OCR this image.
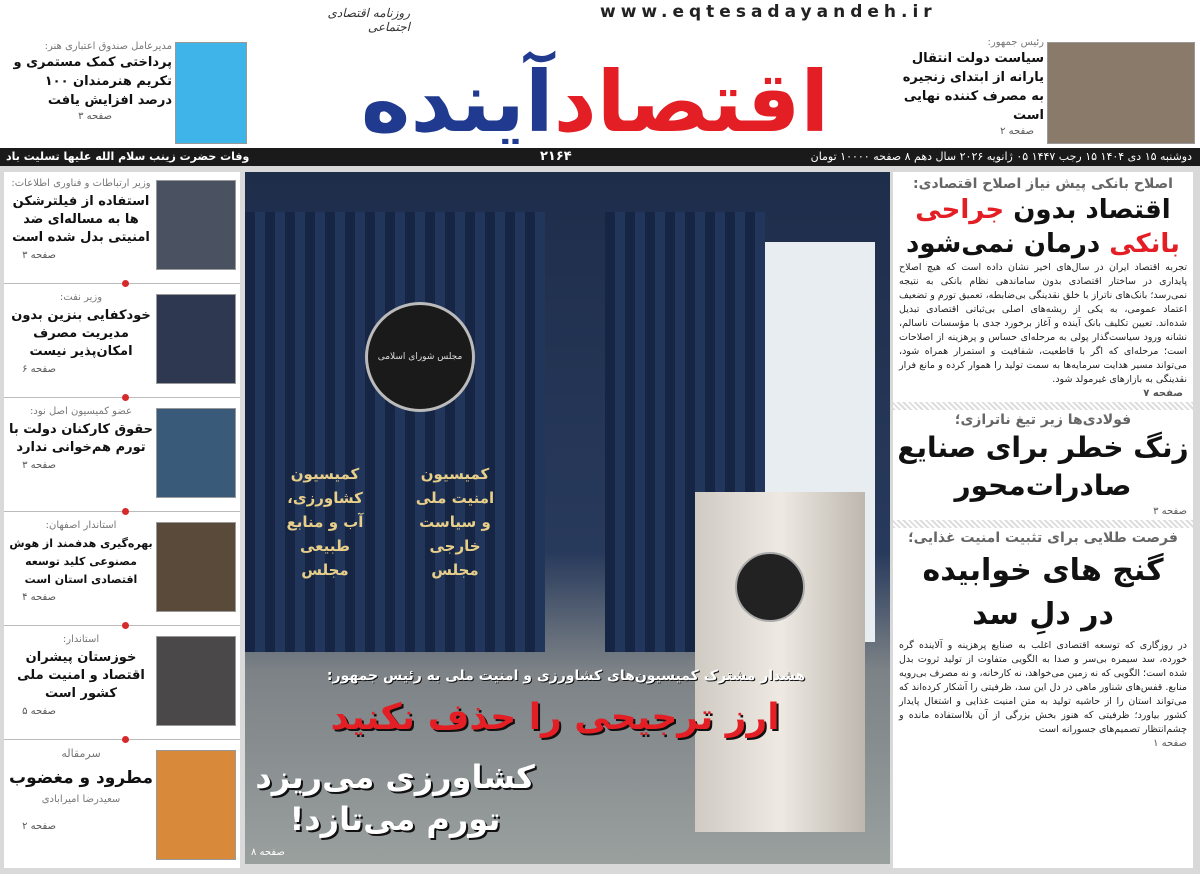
www.eqtesadayandeh.ir
روزنامه اقتصادی اجتماعی
اقتصاد
آینده
مدیرعامل صندوق اعتباری هنر:
پرداختی کمک مستمری و تکریم هنرمندان ۱۰۰ درصد افزایش یافت
صفحه ۳
رئیس جمهور:
سیاست دولت انتقال یارانه از ابتدای زنجیره به مصرف کننده نهایی است
صفحه ۲
دوشنبه ۱۵ دی ۱۴۰۴ ۱۵ رجب ۱۴۴۷ ۰۵ ژانویه ۲۰۲۶ سال دهم ۸ صفحه ۱۰۰۰۰ تومان
۲۱۶۴
وفات حضرت زینب سلام الله علیها تسلیت باد
وزیر ارتباطات و فناوری اطلاعات:
استفاده از فیلترشکن ها به مساله‌ای ضد امنیتی بدل شده است
صفحه ۳
وزیر نفت:
خودکفایی بنزین بدون مدیریت مصرف امکان‌پذیر نیست
صفحه ۶
عضو کمیسیون اصل نود:
حقوق کارکنان دولت با تورم هم‌خوانی ندارد
صفحه ۳
استاندار اصفهان:
بهره‌گیری هدفمند از هوش مصنوعی کلید توسعه اقتصادی استان است
صفحه ۴
استاندار:
خوزستان پیشران اقتصاد و امنیت ملی کشور است
صفحه ۵
سرمقاله
مطرود و مغضوب
سعیدرضا امیرابادی
صفحه ۲
مجلس شورای اسلامی
کمیسیون امنیت ملی و سیاست خارجی مجلس
کمیسیون کشاورزی، آب و منابع طبیعی مجلس
هشدار مشترک کمیسیون‌های کشاورزی و امنیت ملی به رئیس جمهور:
ارز ترجیحی را حذف نکنید
کشاورزی می‌ریزد
تورم می‌تازد!
صفحه ۸
اصلاح بانکی پیش نیاز اصلاح اقتصادی:
اقتصاد بدون جراحی
بانکی درمان نمی‌شود
تجربه اقتصاد ایران در سال‌های اخیر نشان داده است که هیچ اصلاح پایداری در ساختار اقتصادی بدون ساماندهی نظام بانکی به نتیجه نمی‌رسد؛ بانک‌های ناتراز با خلق نقدینگی بی‌ضابطه، تعمیق تورم و تضعیف اعتماد عمومی، به یکی از ریشه‌های اصلی بی‌ثباتی اقتصادی تبدیل شده‌اند. تعیین تکلیف بانک آینده و آغاز برخورد جدی با مؤسسات ناسالم، نشانه ورود سیاست‌گذار پولی به مرحله‌ای حساس و پرهزینه از اصلاحات است؛ مرحله‌ای که اگر با قاطعیت، شفافیت و استمرار همراه شود، می‌تواند مسیر هدایت سرمایه‌ها به سمت تولید را هموار کرده و مانع فرار نقدینگی به بازارهای غیرمولد شود.
صفحه ۷
فولادی‌ها زیر تیغ ناترازی؛
زنگ خطر برای صنایع صادرات‌محور
صفحه ۳
فرصت طلایی برای تثبیت امنیت غذایی؛
گنج های خوابیده در دلِ سد
در روزگاری که توسعه اقتصادی اغلب به صنایع پرهزینه و آلاینده گره خورده، سد سیمره بی‌سر و صدا به الگویی متفاوت از تولید ثروت بدل شده است؛ الگویی که نه زمین می‌خواهد، نه کارخانه، و نه مصرف بی‌رویه منابع. قفس‌های شناور ماهی در دل این سد، ظرفیتی را آشکار کرده‌اند که می‌تواند استان را از حاشیه تولید به متن امنیت غذایی و اشتغال پایدار کشور بیاورد؛ ظرفیتی که هنوز بخش بزرگی از آن بلااستفاده مانده و چشم‌انتظار تصمیم‌های جسورانه است
صفحه ۱
